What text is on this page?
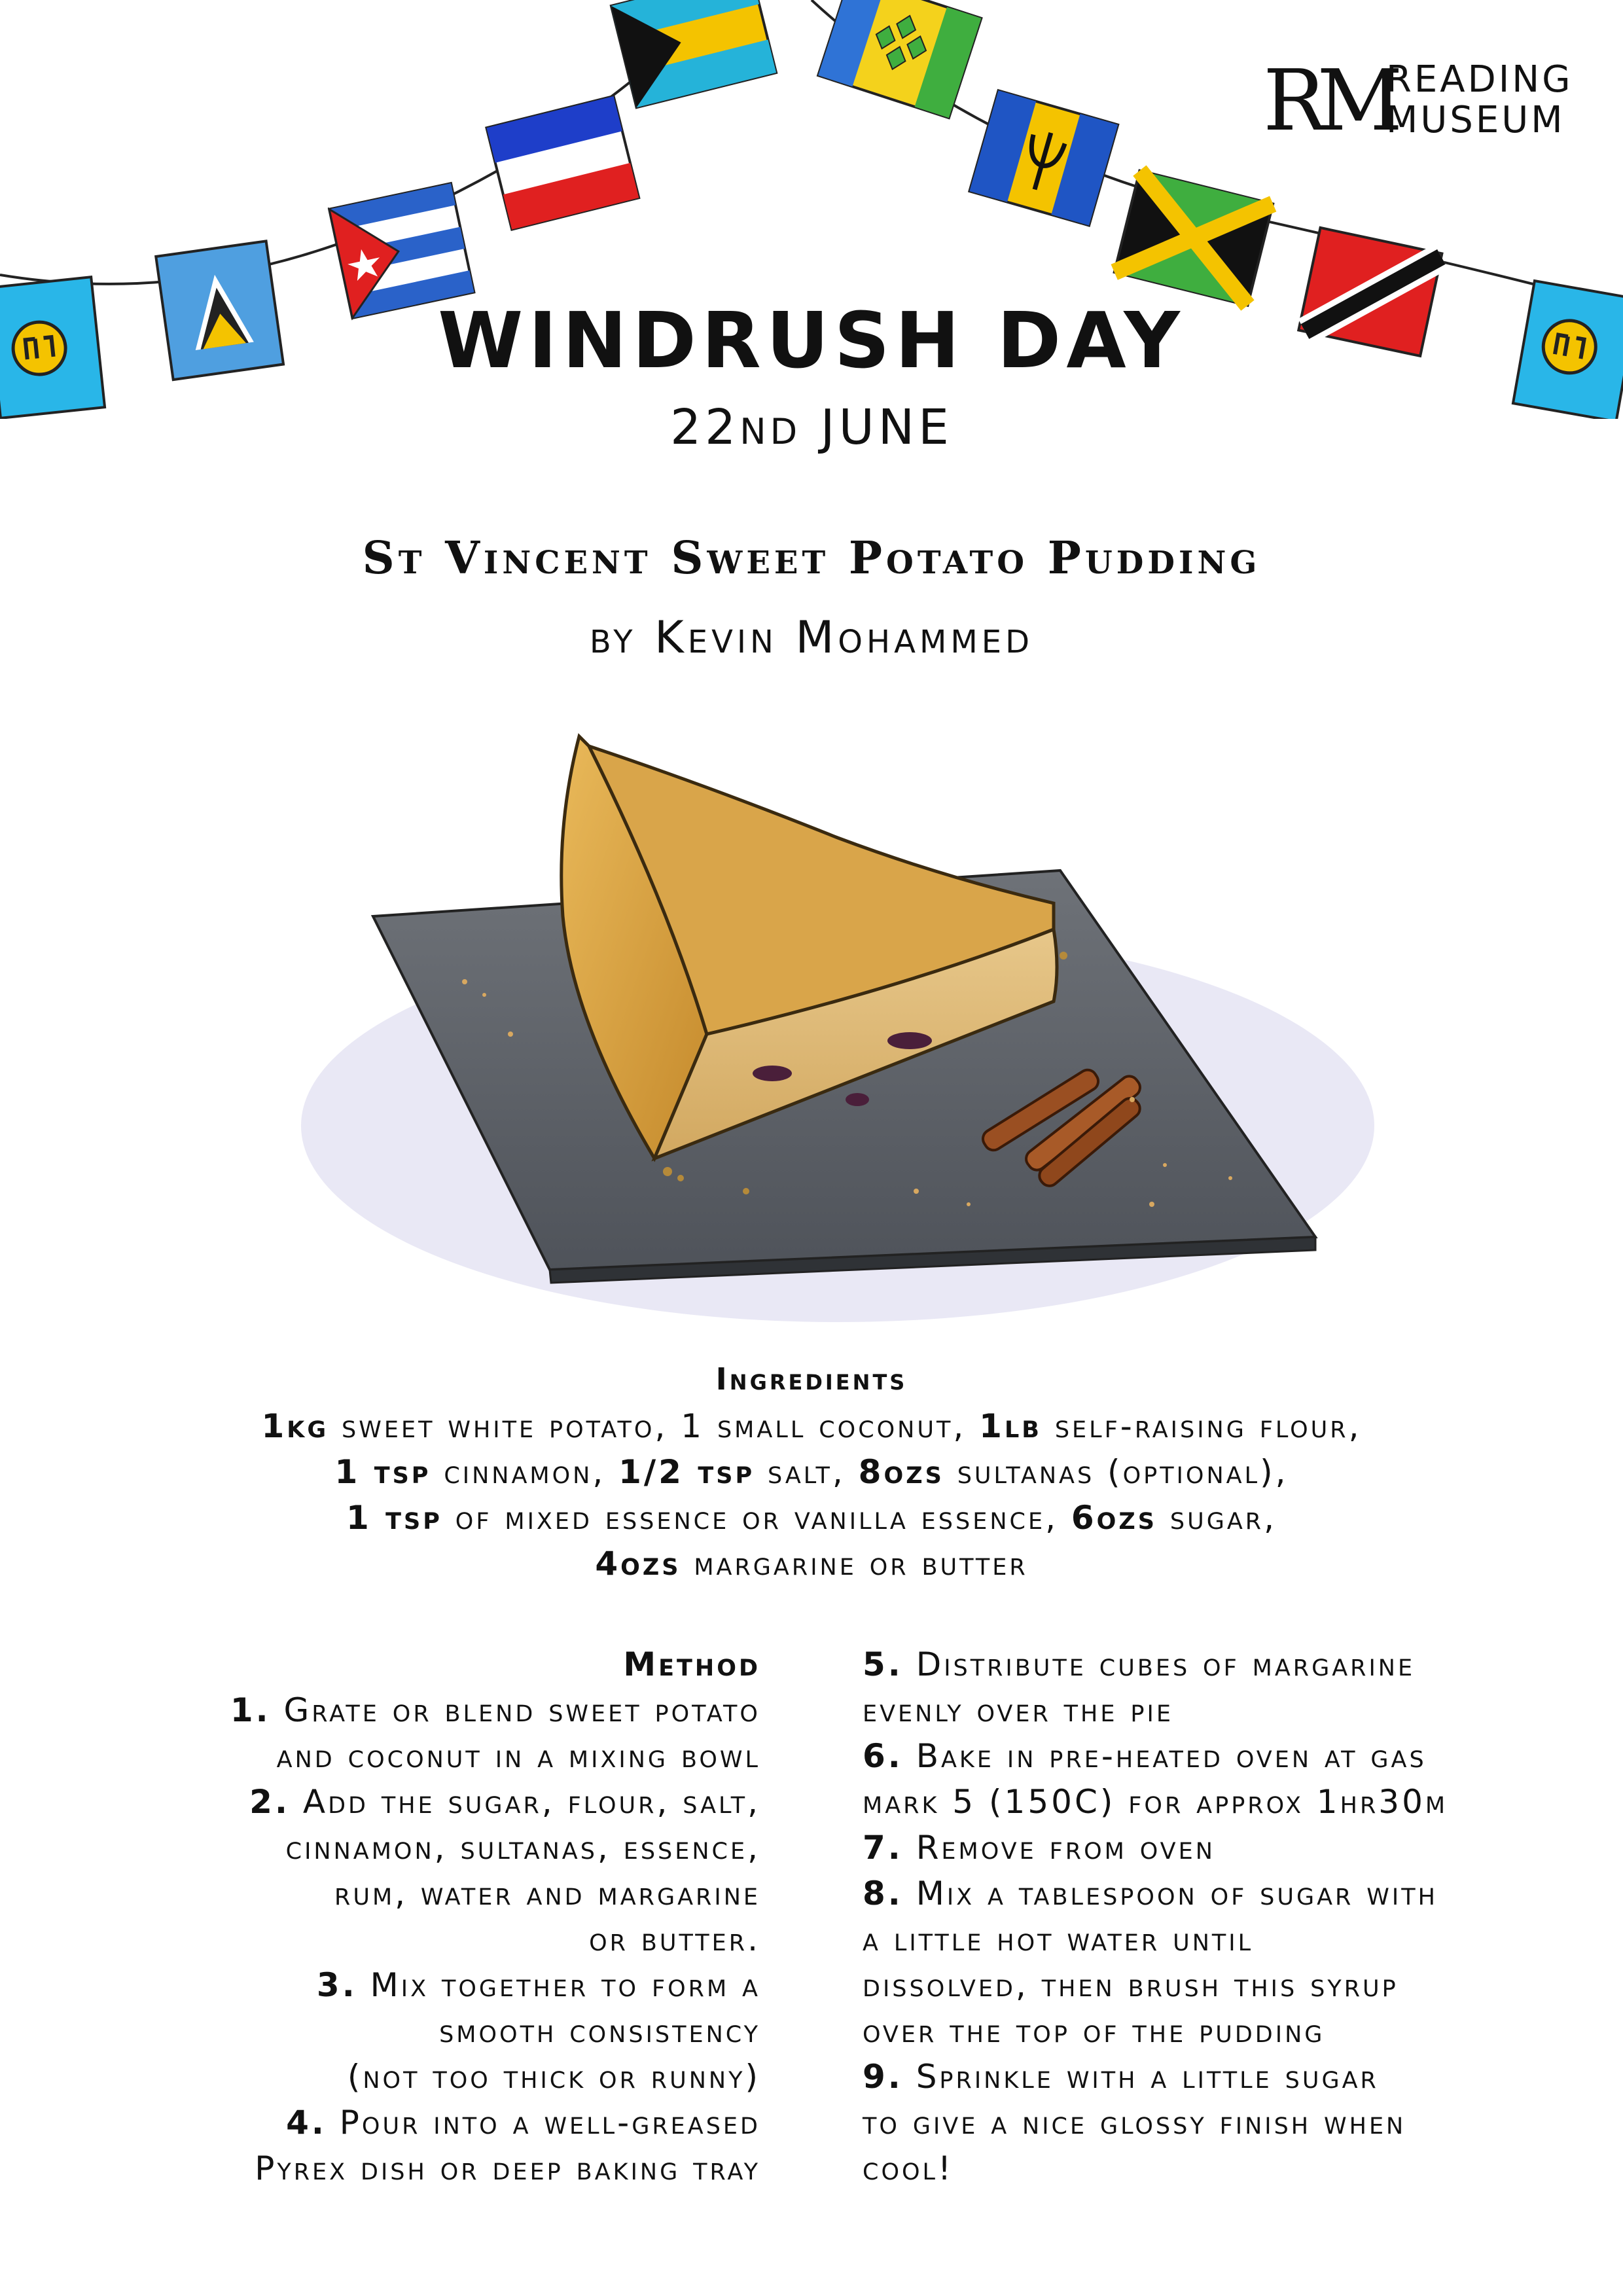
RM
READING
MUSEUM
WINDRUSH DAY
22ND JUNE
St Vincent Sweet Potato Pudding
by Kevin Mohammed
Ingredients
1kg sweet white potato, 1 small coconut, 1lb self-raising flour,
1 tsp cinnamon, 1/2 tsp salt, 8ozs sultanas (optional),
1 tsp of mixed essence or vanilla essence, 6ozs sugar,
4ozs margarine or butter
Method
1. Grate or blend sweet potato
and coconut in a mixing bowl
2. Add the sugar, flour, salt,
cinnamon, sultanas, essence,
rum, water and margarine
or butter.
3. Mix together to form a
smooth consistency
(not too thick or runny)
4. Pour into a well-greased
Pyrex dish or deep baking tray
5. Distribute cubes of margarine
evenly over the pie
6. Bake in pre-heated oven at gas
mark 5 (150C) for approx 1hr30m
7. Remove from oven
8. Mix a tablespoon of sugar with
a little hot water until
dissolved, then brush this syrup
over the top of the pudding
9. Sprinkle with a little sugar
to give a nice glossy finish when
cool!
